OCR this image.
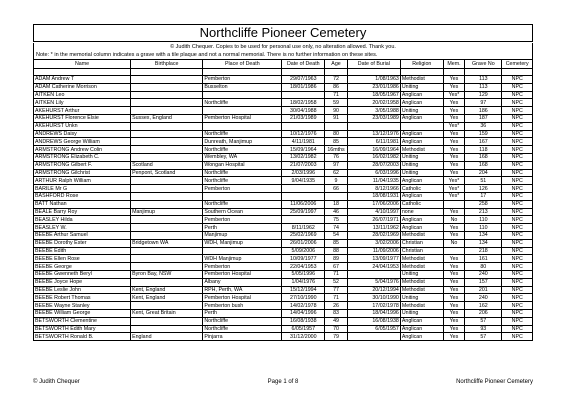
Northcliffe Pioneer Cemetery
© Judith Chequer. Copies to be used for personal use only, no alteration allowed. Thank you.
Note: * in the memorial column indicates a grave with a tile plaque and not a normal memorial. There is no further information on these sites.
Name	Birthplace	Place of Death	Date of Death	Age	Date of Burial	Religion	Mem.	Grave No	Cemetery

ADAM Andrew T		Pemberton	29/07/1963	72	1/08/1963	Methodist	Yes	113	NPC
ADAM Catherine Morrison		Busselton	18/01/1986	86	23/01/1986	Uniting	Yes	113	NPC
AITKEN Leo				71	18/05/1967	Anglican	Yes*	129	NPC
AITKEN Lily		Northcliffe	18/02/1958	59	20/02/1958	Anglican	Yes	97	NPC
AKEHURST Arthur			30/04/1988	90	3/05/1988	Uniting	Yes	186	NPC
AKEHURST Florence Elsie	Sussex, England	Pemberton Hospital	21/03/1989	91	23/03/1989	Anglican	Yes	187	NPC
AKEHURST Unkn							Yes*	36	NPC
ANDREWS Daisy		Northcliffe	10/12/1976	80	13/12/1976	Anglican	Yes	159	NPC
ANDREWS George William		Dunreath, Manjimup	4/11/1981	85	6/11/1981	Anglican	Yes	167	NPC
ARMSTRONG Andrew Colin		Northcliffe	15/09/1964	16mths	16/09/1964	Methodist	Yes	118	NPC
ARMSTRONG Elizabeth C.		Wembley, WA	13/02/1982	76	16/02/1982	Uniting	Yes	168	NPC
ARMSTRONG Gilbert F.	Scotland	Wongan Hospital	21/07/2003	97	28/07/2003	Uniting	Yes	168	NPC
ARMSTRONG Gilchrist	Penpont, Scotland	Northcliffe	2/03/1996	62	6/03/1996	Uniting	Yes	204	NPC
ARTHUR Ralph William		Northcliffe	9/04/1935	9	11/04/1935	Anglican	Yes*	51	NPC
BARILE Mr G		Pemberton		66	8/12/1966	Catholic	Yes*	126	NPC
BASHFORD Rose					18/08/1931	Anglican	Yes*	17	NPC
BATT Nathan		Northcliffe	11/06/2006	18	17/06/2006	Catholic		258	NPC
BEALE Barry Roy	Manjimup	Southern Ocean	25/09/1997	46	4/10/1997	none	Yes	213	NPC
BEASLEY Hilda		Pemberton		75	26/07/1971	Anglican	No	110	NPC
BEASLEY W.		Perth	8/11/1962	74	13/11/1962	Anglican	Yes	110	NPC
BEEBE Arthur Samuel		Manjimup	25/02/1969	54	28/02/1969	Methodist	Yes	134	NPC
BEEBE Dorothy Ester	Bridgetown WA	WDH, Manjimup	26/01/2006	85	3/02/2006	Christian	No	134	NPC
BEEBE Edith			5/09/2006	88	11/09/2006	Christian		218	NPC
BEEBE Ellen Rose		WDH Manjimup	10/09/1977	89	13/09/1977	Methodist	Yes	161	NPC
BEEBE George		Pemberton	22/04/1953	67	24/04/1953	Methodist	Yes	80	NPC
BEEBE Gwenneth Beryl	Byron Bay, NSW	Pemberton Hospital	5/05/1996	71		Uniting	Yes	240	NPC
BEEBE Joyce Hope		Albany	1/04/1976	52	5/04/1976	Methodist	Yes	157	NPC
BEEBE Leslie John	Kent, England	RPH, Perth, WA	15/12/1994	77	20/12/1994	Methodist	Yes	201	NPC
BEEBE Robert Thomas	Kent, England	Pemberton Hospital	27/10/1990	71	30/10/1990	Uniting	Yes	240	NPC
BEEBE Wayne Stanley		Pemberton bush	14/02/1978	26	17/02/1978	Methodist	Yes	162	NPC
BEEBE William George	Kent, Great Britain	Perth	14/04/1996	83	18/04/1996	Uniting	Yes	206	NPC
BETSWORTH Clementine		Northcliffe	16/08/1938	49	16/08/1938	Anglican	Yes	57	NPC
BETSWORTH Edith Mary		Northcliffe	6/05/1957	70	6/05/1957	Anglican	Yes	93	NPC
BETSWORTH Ronald B.	England	Pinjarra	31/12/2000	79		Anglican	Yes	57	NPC
© Judith Chequer	Page 1 of 8	Northcliffe Pioneer Cemetery
